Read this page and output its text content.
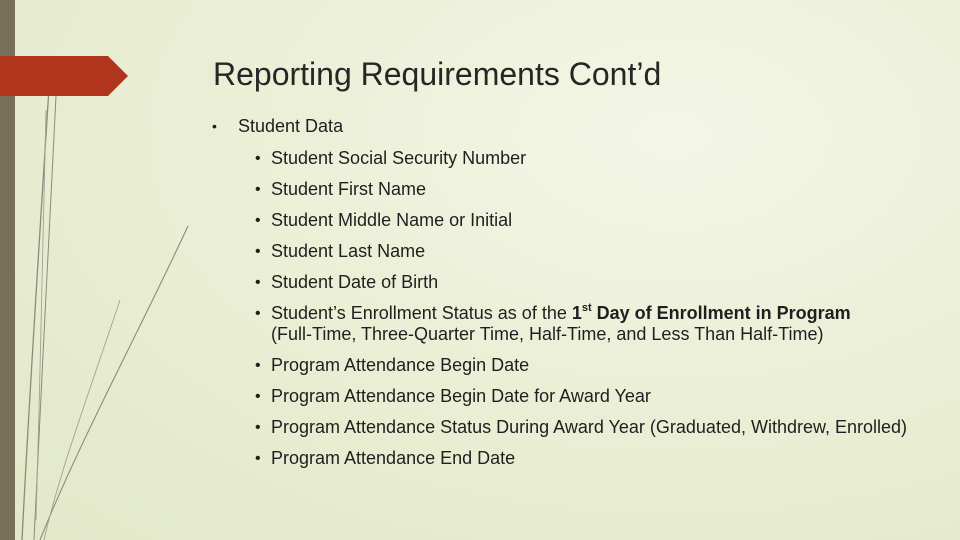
Reporting Requirements Cont’d
• Student Data
• Student Social Security Number
• Student First Name
• Student Middle Name or Initial
• Student Last Name
• Student Date of Birth
• Student’s Enrollment Status as of the 1st Day of Enrollment in Program
(Full-Time, Three-Quarter Time, Half-Time, and Less Than Half-Time)
• Program Attendance Begin Date
• Program Attendance Begin Date for Award Year
• Program Attendance Status During Award Year (Graduated, Withdrew, Enrolled)
• Program Attendance End Date
